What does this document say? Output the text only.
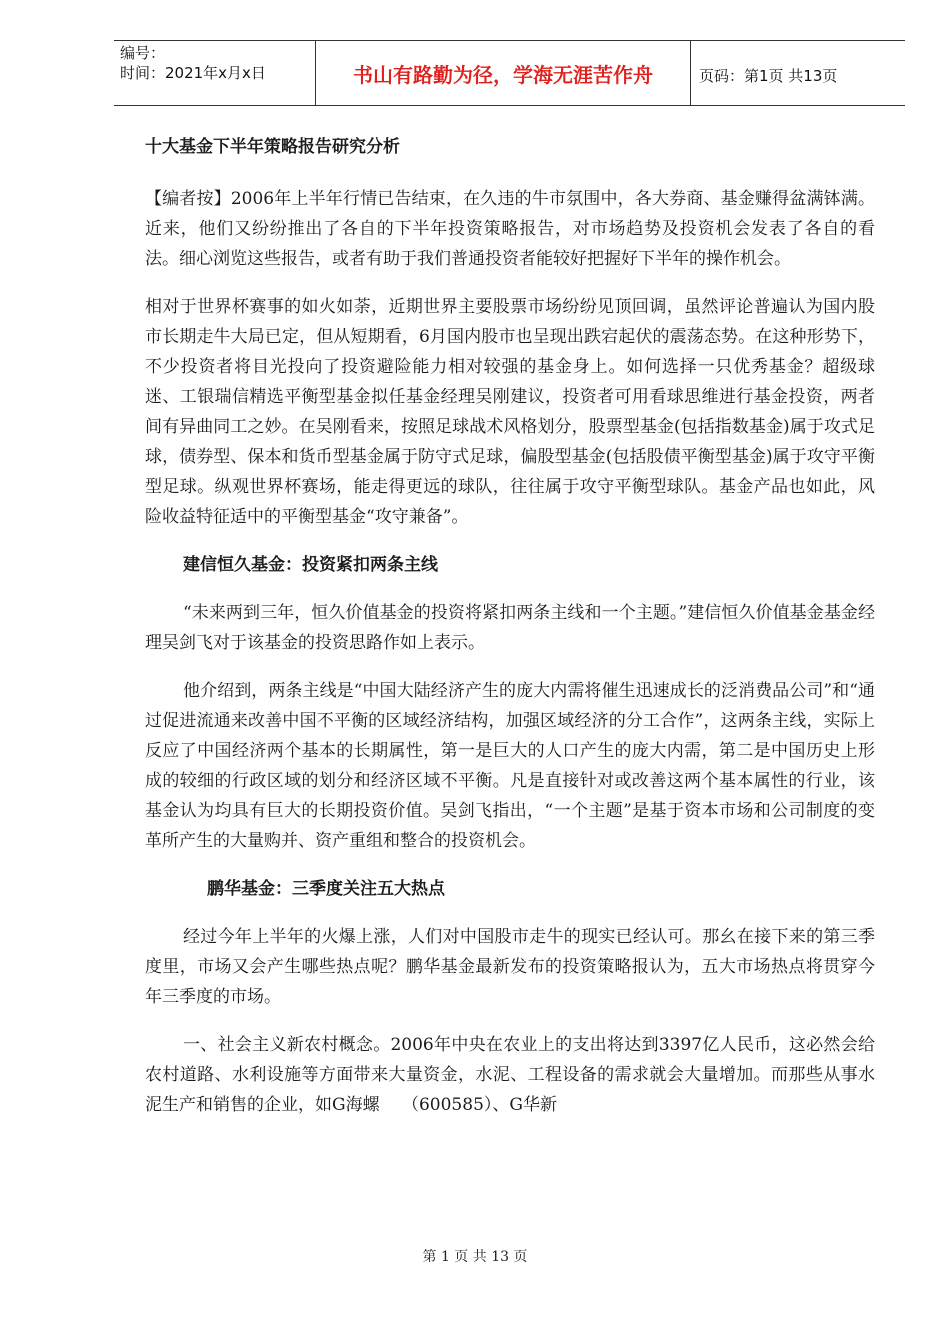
编号：
时间：2021年x月x日	书山有路勤为径，学海无涯苦作舟	页码：第1页 共13页

十大基金下半年策略报告研究分析

【编者按】2006年上半年行情已告结束，在久违的牛市氛围中，各大券商、基金赚得盆满钵满。近来，他们又纷纷推出了各自的下半年投资策略报告，对市场趋势及投资机会发表了各自的看法。细心浏览这些报告，或者有助于我们普通投资者能较好把握好下半年的操作机会。

相对于世界杯赛事的如火如荼，近期世界主要股票市场纷纷见顶回调，虽然评论普遍认为国内股市长期走牛大局已定，但从短期看，6月国内股市也呈现出跌宕起伏的震荡态势。在这种形势下，不少投资者将目光投向了投资避险能力相对较强的基金身上。如何选择一只优秀基金？超级球迷、工银瑞信精选平衡型基金拟任基金经理吴刚建议，投资者可用看球思维进行基金投资，两者间有异曲同工之妙。在吴刚看来，按照足球战术风格划分，股票型基金(包括指数基金)属于攻式足球，债券型、保本和货币型基金属于防守式足球，偏股型基金(包括股债平衡型基金)属于攻守平衡型足球。纵观世界杯赛场，能走得更远的球队，往往属于攻守平衡型球队。基金产品也如此，风险收益特征适中的平衡型基金“攻守兼备”。

建信恒久基金：投资紧扣两条主线

“未来两到三年，恒久价值基金的投资将紧扣两条主线和一个主题。”建信恒久价值基金基金经理吴剑飞对于该基金的投资思路作如上表示。

他介绍到，两条主线是“中国大陆经济产生的庞大内需将催生迅速成长的泛消费品公司”和“通过促进流通来改善中国不平衡的区域经济结构，加强区域经济的分工合作”，这两条主线，实际上反应了中国经济两个基本的长期属性，第一是巨大的人口产生的庞大内需，第二是中国历史上形成的较细的行政区域的划分和经济区域不平衡。凡是直接针对或改善这两个基本属性的行业，该基金认为均具有巨大的长期投资价值。吴剑飞指出，“一个主题”是基于资本市场和公司制度的变革所产生的大量购并、资产重组和整合的投资机会。

鹏华基金：三季度关注五大热点

经过今年上半年的火爆上涨，人们对中国股市走牛的现实已经认可。那幺在接下来的第三季度里，市场又会产生哪些热点呢？鹏华基金最新发布的投资策略报认为，五大市场热点将贯穿今年三季度的市场。

一、社会主义新农村概念。2006年中央在农业上的支出将达到3397亿人民币，这必然会给农村道路、水利设施等方面带来大量资金，水泥、工程设备的需求就会大量增加。而那些从事水泥生产和销售的企业，如G海螺　 （600585）、G华新

第 1 页 共 13 页
